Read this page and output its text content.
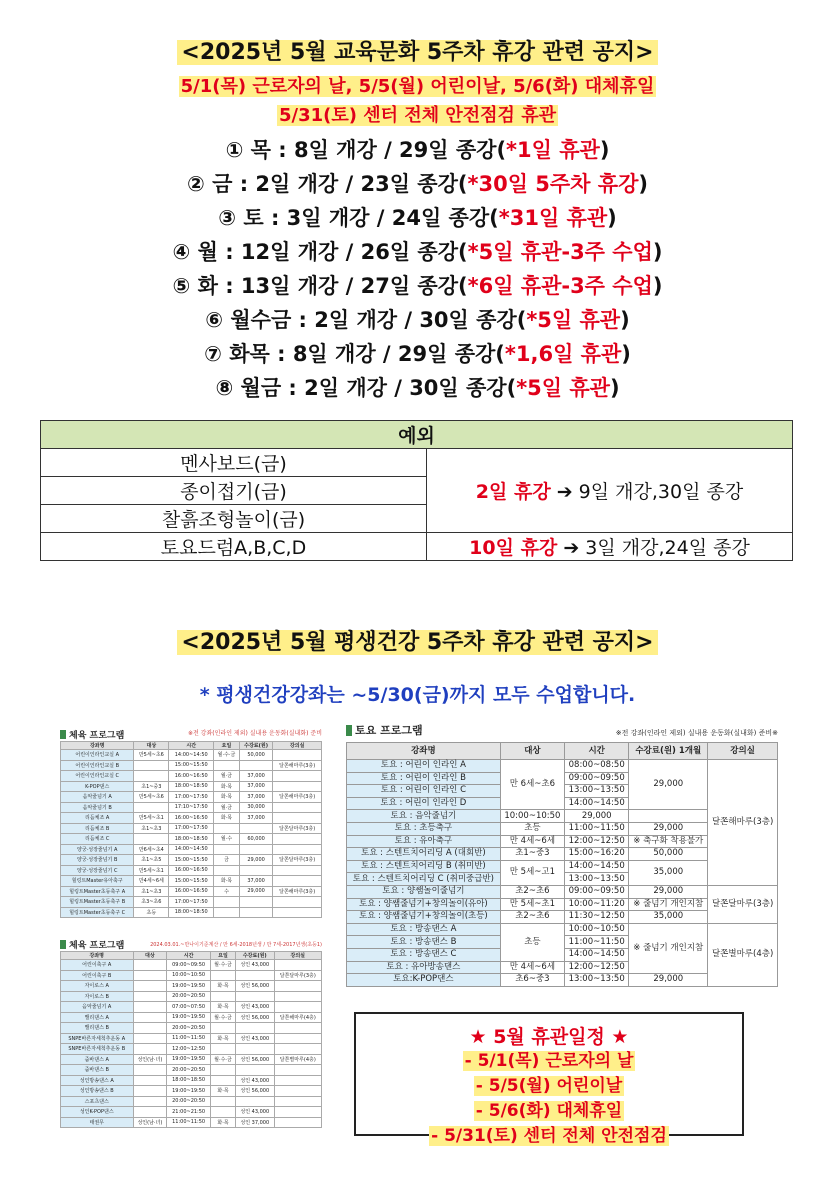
<2025년 5월 교육문화 5주차 휴강 관련 공지>
5/1(목) 근로자의 날, 5/5(월) 어린이날, 5/6(화) 대체휴일
5/31(토) 센터 전체 안전점검 휴관
① 목 : 8일 개강 / 29일 종강(*1일 휴관)
② 금 : 2일 개강 / 23일 종강(*30일 5주차 휴강)
③ 토 : 3일 개강 / 24일 종강(*31일 휴관)
④ 월 : 12일 개강 / 26일 종강(*5일 휴관-3주 수업)
⑤ 화 : 13일 개강 / 27일 종강(*6일 휴관-3주 수업)
⑥ 월수금 : 2일 개강 / 30일 종강(*5일 휴관)
⑦ 화목 : 8일 개강 / 29일 종강(*1,6일 휴관)
⑧ 월금 : 2일 개강 / 30일 종강(*5일 휴관)
예외	
멘사보드(금)	2일 휴강 ➔ 9일 개강,30일 종강
종이접기(금)	
찰흙조형놀이(금)	
토요드럼A,B,C,D	10일 휴강 ➔ 3일 개강,24일 종강
<2025년 5월 평생건강 5주차 휴강 관련 공지>
* 평생건강강좌는 ~5/30(금)까지 모두 수업합니다.
체육 프로그램	※전 강좌(인라인 제외) 실내용 운동화(실내화) 준비
강좌명	대상	시간	요일	수강료(원)	강의실
어린이인라인교실 A	만5세~초6	14:00~14:50	월·수·금	50,000	
어린이인라인교실 B		15:00~15:50			달쫀해마루(3층)
어린이인라인교실 C		16:00~16:50	월·금	37,000	
K-POP댄스	초1~중3	18:00~18:50	화·목	37,000	
음악줄넘기 A	만5세~초6	17:00~17:50	화·목	37,000	달쫀해마루(3층)
음악줄넘기 B		17:10~17:50	월·금	30,000	
리듬체조 A	만5세~초1	16:00~16:50	화·목	37,000	
리듬체조 B	초1~초3	17:00~17:50			달쫀달마루(3층)
리듬체조 C		18:00~18:50	월·수	60,000	
양궁·성장줄넘기 A	만6세~초4	14:00~14:50			
양궁·성장줄넘기 B	초1~초5	15:00~15:50	금	29,000	달쫀달마루(3층)
양궁·성장줄넘기 C	만5세~초1	16:00~16:50			
힐링트Master유아축구	만4세~6세	15:00~15:50	화·목	37,000	
힐링트Master초등축구 A	초1~초3	16:00~16:50	수	29,000	달쫀해마루(3층)
힐링트Master초등축구 B	초3~초6	17:00~17:50			
힐링트Master초등축구 C	초등	18:00~18:50			
체육 프로그램	2024.03.01.~만나이기준계산 / 만 6세-2018년생 / 만 7세-2017년생(초등1)
강좌명	대상	시간	요일	수강료(원)	강의실
어린이축구 A		09:00~09:50	월·수·금	성인 43,000	
어린이축구 B		10:00~10:50			달쫀달마루(3층)
자이로스 A		19:00~19:50	화·목	성인 56,000	
자이로스 B		20:00~20:50			
음악줄넘기 A		07:00~07:50	화·목	성인 43,000	
밸리댄스 A		19:00~19:50	월·수·금	성인 56,000	달쫀해마루(4층)
밸리댄스 B		20:00~20:50			
SNPE바른자세척추운동 A		11:00~11:50	화·목	성인 43,000	
SNPE바른자세척추운동 B		12:00~12:50			
줌바댄스 A	성인(남·녀)	19:00~19:50	월·수·금	성인 56,000	달쫀별마루(4층)
줌바댄스 B		20:00~20:50			
성인방송댄스 A		18:00~18:50		성인 43,000	
성인방송댄스 B		19:00~19:50	화·목	성인 56,000	
스포츠댄스		20:00~20:50			
성인K-POP댄스		21:00~21:50		성인 43,000	
태권무	성인(남·녀)	11:00~11:50	화·목	성인 37,000	
토요 프로그램	※전 강좌(인라인 제외) 실내용 운동화(실내화) 준비※
강좌명	대상	시간	수강료(원) 1개월	강의실
토요 : 어린이 인라인 A	만 6세~초6	08:00~08:50	29,000	달쫀해마루(3층)
토요 : 어린이 인라인 B		09:00~09:50		
토요 : 어린이 인라인 C		13:00~13:50		
토요 : 어린이 인라인 D		14:00~14:50		
토요 : 음악줄넘기	10:00~10:50	29,000		
토요 : 초등축구	초등	11:00~11:50	29,000	
토요 : 유아축구	만 4세~6세	12:00~12:50	※ 축구화 착용불가	
토요 : 스텐트치어리딩 A (대회반)	초1~중3	15:00~16:20	50,000	
토요 : 스텐트치어리딩 B (취미반)	만 5세~고1	14:00~14:50	35,000	
토요 : 스텐트치어리딩 C (취미중급반)		13:00~13:50		
토요 : 양쌤놀이줄넘기	초2~초6	09:00~09:50	29,000	달쫀달마루(3층)
토요 : 양쌤줄넘기+창의놀이(유아)	만 5세~초1	10:00~11:20	※ 줄넘기 개인지참	
토요 : 양쌤줄넘기+창의놀이(초등)	초2~초6	11:30~12:50	35,000	
토요 : 방송댄스 A	초등	10:00~10:50	※ 줄넘기 개인지참	달쫀별마루(4층)
토요 : 방송댄스 B		11:00~11:50		
토요 : 방송댄스 C		14:00~14:50		
토요 : 유아방송댄스	만 4세~6세	12:00~12:50		
토요:K-POP댄스	초6~중3	13:00~13:50	29,000	
★ 5월 휴관일정 ★
- 5/1(목) 근로자의 날
- 5/5(월) 어린이날
- 5/6(화) 대체휴일
- 5/31(토) 센터 전체 안전점검
